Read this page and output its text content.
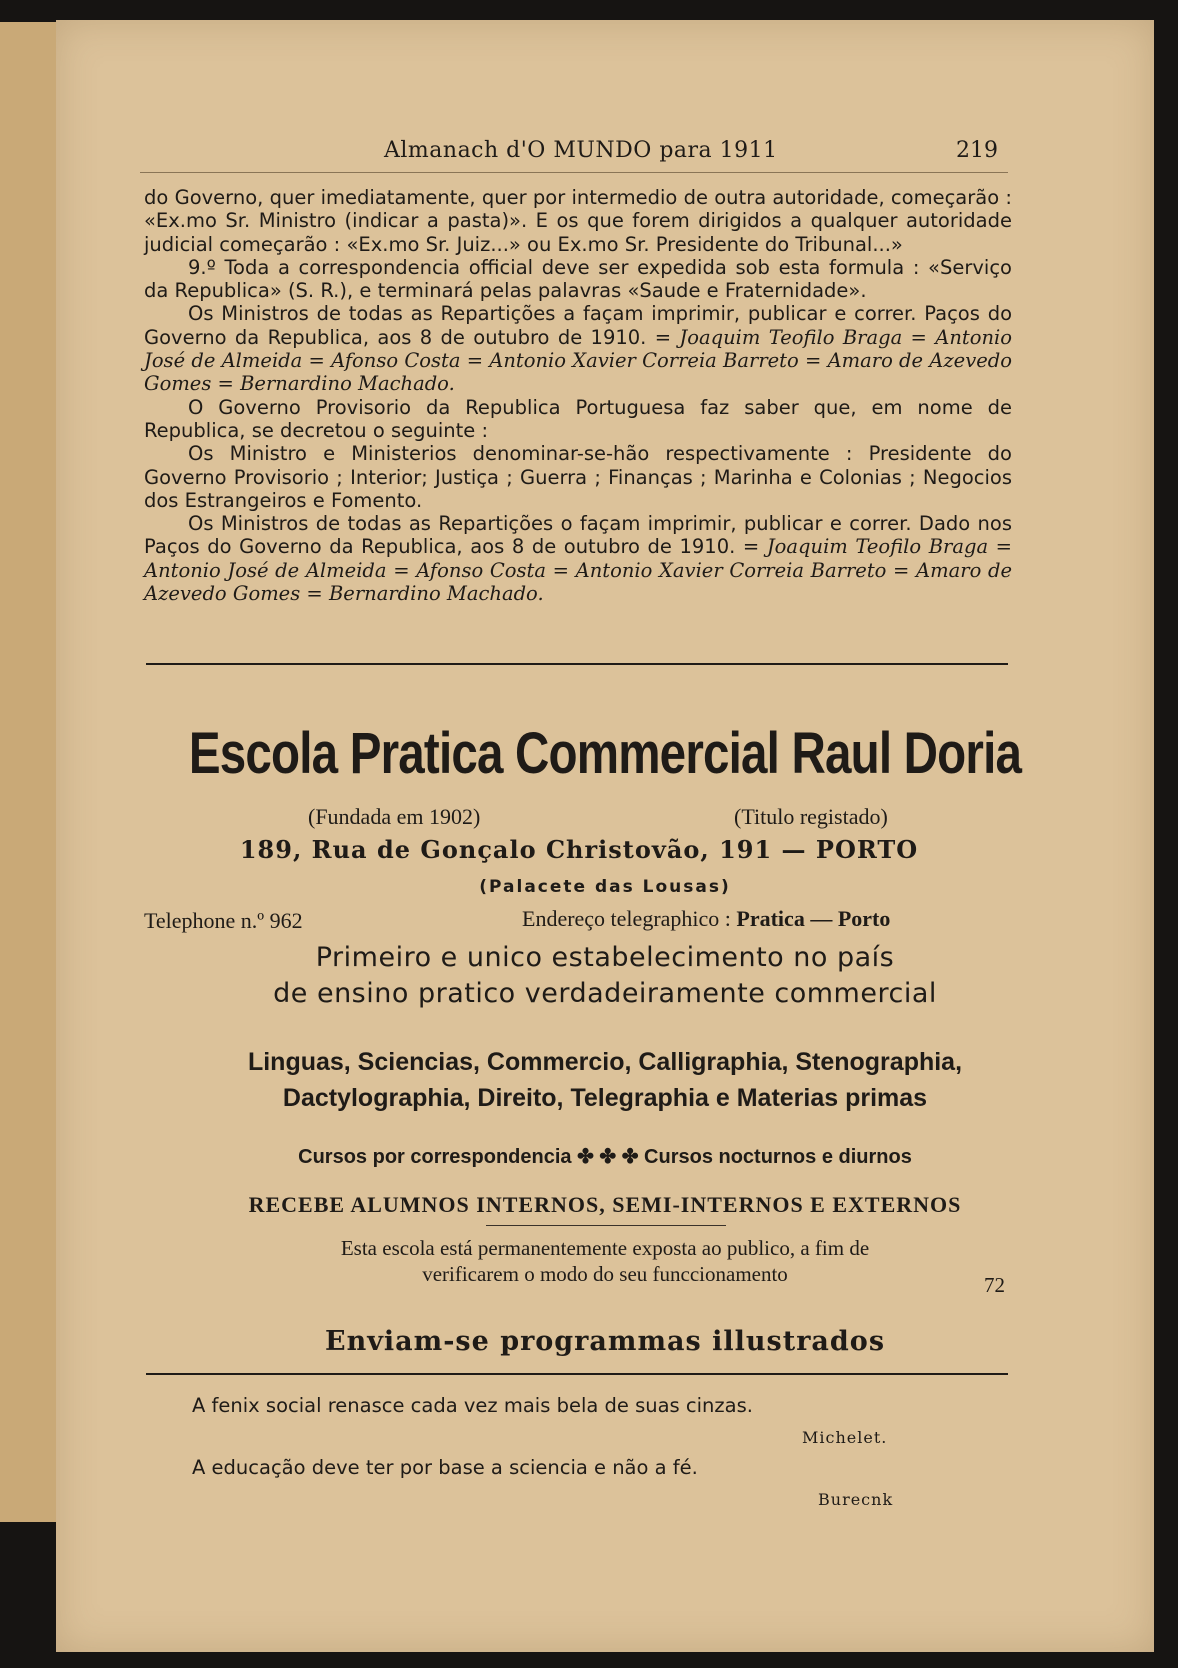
Almanach d'O MUNDO para 1911	219

do Governo, quer imediatamente, quer por intermedio de outra autoridade, começarão : «Ex.mo Sr. Ministro (indicar a pasta)». E os que forem dirigidos a qualquer autoridade judicial começarão : «Ex.mo Sr. Juiz...» ou Ex.mo Sr. Presidente do Tribunal...»

9.º Toda a correspondencia official deve ser expedida sob esta formula : «Serviço da Republica» (S. R.), e terminará pelas palavras «Saude e Fraternidade».

Os Ministros de todas as Repartições a façam imprimir, publicar e correr. Paços do Governo da Republica, aos 8 de outubro de 1910. = Joaquim Teofilo Braga = Antonio José de Almeida = Afonso Costa = Antonio Xavier Correia Barreto = Amaro de Azevedo Gomes = Bernardino Machado.

O Governo Provisorio da Republica Portuguesa faz saber que, em nome de Republica, se decretou o seguinte :

Os Ministro e Ministerios denominar-se-hão respectivamente : Presidente do Governo Provisorio ; Interior; Justiça ; Guerra ; Finanças ; Marinha e Colonias ; Negocios dos Estrangeiros e Fomento.

Os Ministros de todas as Repartições o façam imprimir, publicar e correr. Dado nos Paços do Governo da Republica, aos 8 de outubro de 1910. = Joaquim Teofilo Braga = Antonio José de Almeida = Afonso Costa = Antonio Xavier Correia Barreto = Amaro de Azevedo Gomes = Bernardino Machado.

Escola Pratica Commercial Raul Doria
(Fundada em 1902)	(Titulo registado)
189, Rua de Gonçalo Christovão, 191 — PORTO
(Palacete das Lousas)
Telephone n.º 962	Endereço telegraphico : Pratica — Porto
Primeiro e unico estabelecimento no país
de ensino pratico verdadeiramente commercial
Linguas, Sciencias, Commercio, Calligraphia, Stenographia,
Dactylographia, Direito, Telegraphia e Materias primas
Cursos por correspondencia ✤ ✤ ✤ Cursos nocturnos e diurnos
RECEBE ALUMNOS INTERNOS, SEMI-INTERNOS E EXTERNOS
Esta escola está permanentemente exposta ao publico, a fim de
verificarem o modo do seu funccionamento	72
Enviam-se programmas illustrados
A fenix social renasce cada vez mais bela de suas cinzas.
Michelet.
A educação deve ter por base a sciencia e não a fé.
Burecnk
